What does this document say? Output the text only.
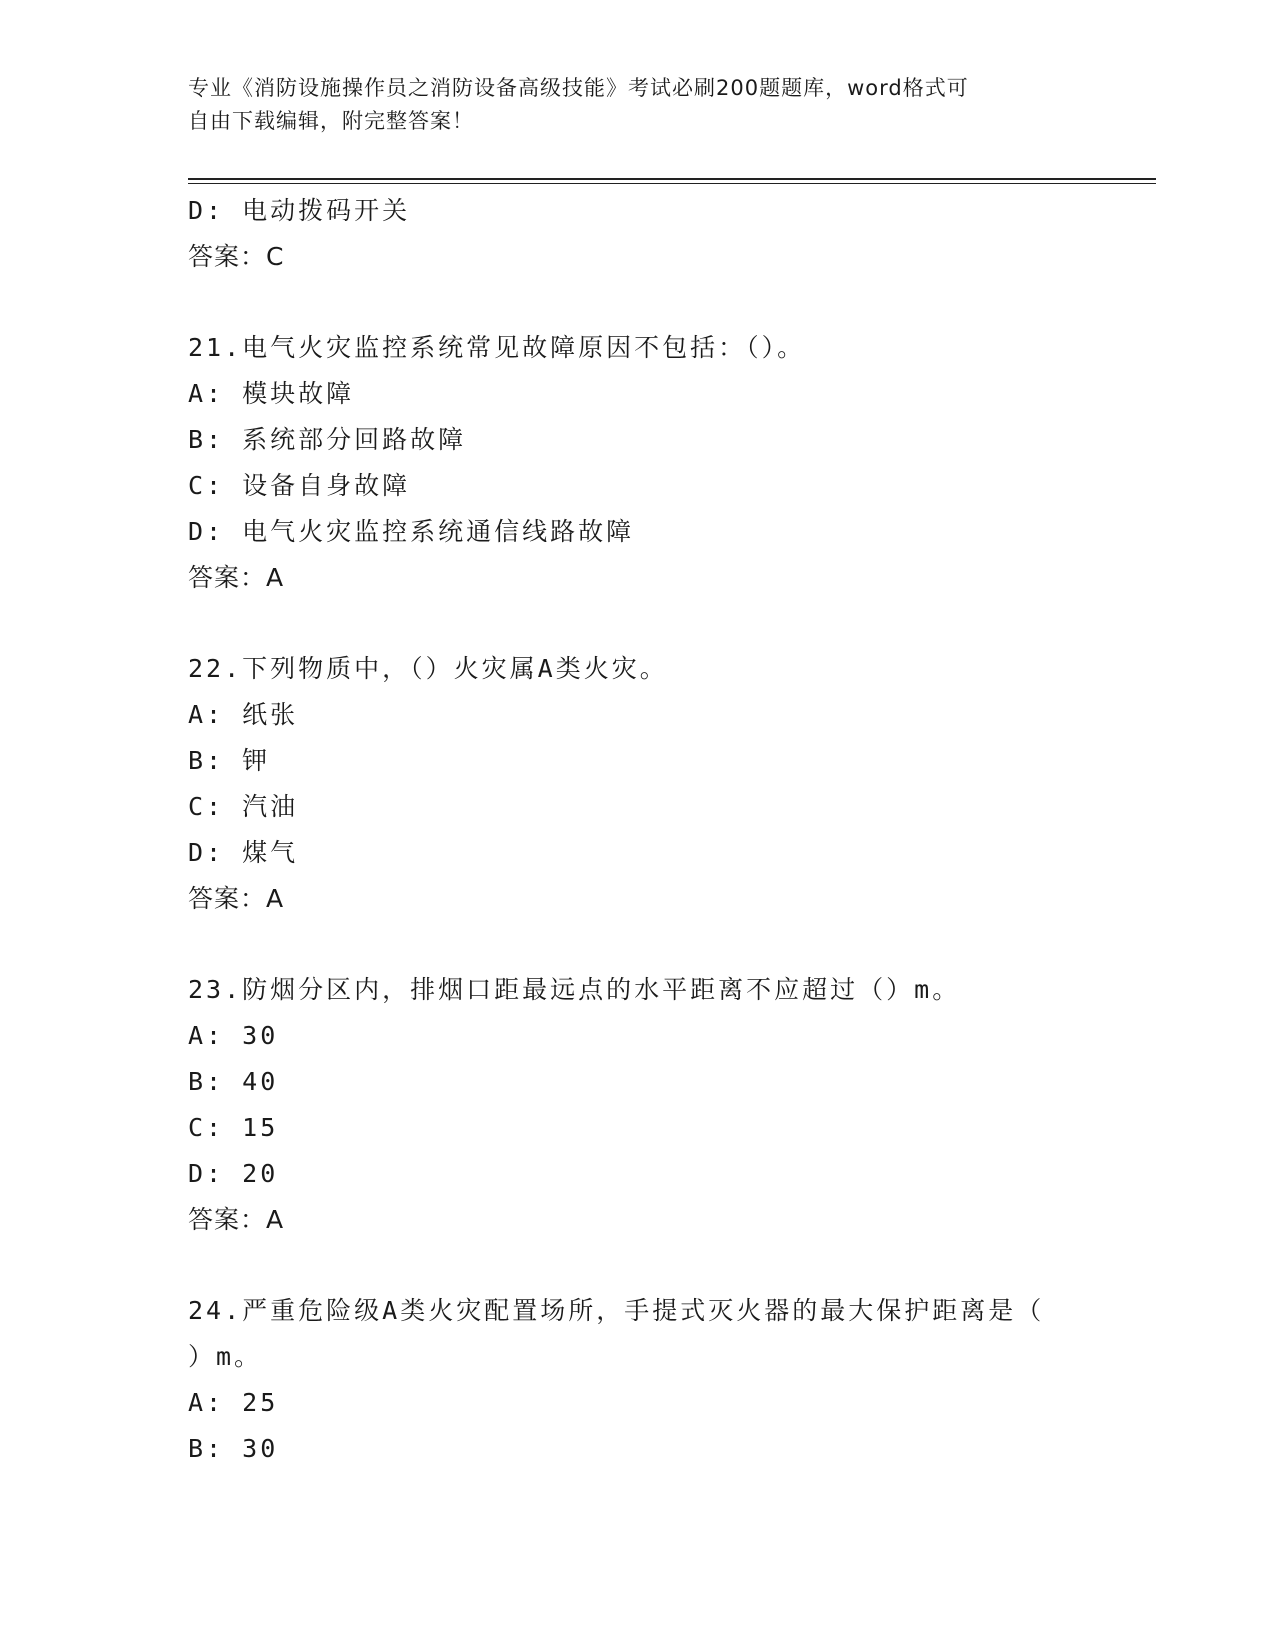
专业《消防设施操作员之消防设备高级技能》考试必刷200题题库，word格式可
自由下载编辑，附完整答案！
D: 电动拨码开关
答案：C
21.电气火灾监控系统常见故障原因不包括：（）。
A: 模块故障
B: 系统部分回路故障
C: 设备自身故障
D: 电气火灾监控系统通信线路故障
答案：A
22.下列物质中，（）火灾属A类火灾。
A: 纸张
B: 钾
C: 汽油
D: 煤气
答案：A
23.防烟分区内，排烟口距最远点的水平距离不应超过（）m。
A: 30
B: 40
C: 15
D: 20
答案：A
24.严重危险级A类火灾配置场所，手提式灭火器的最大保护距离是（
）m。
A: 25
B: 30
